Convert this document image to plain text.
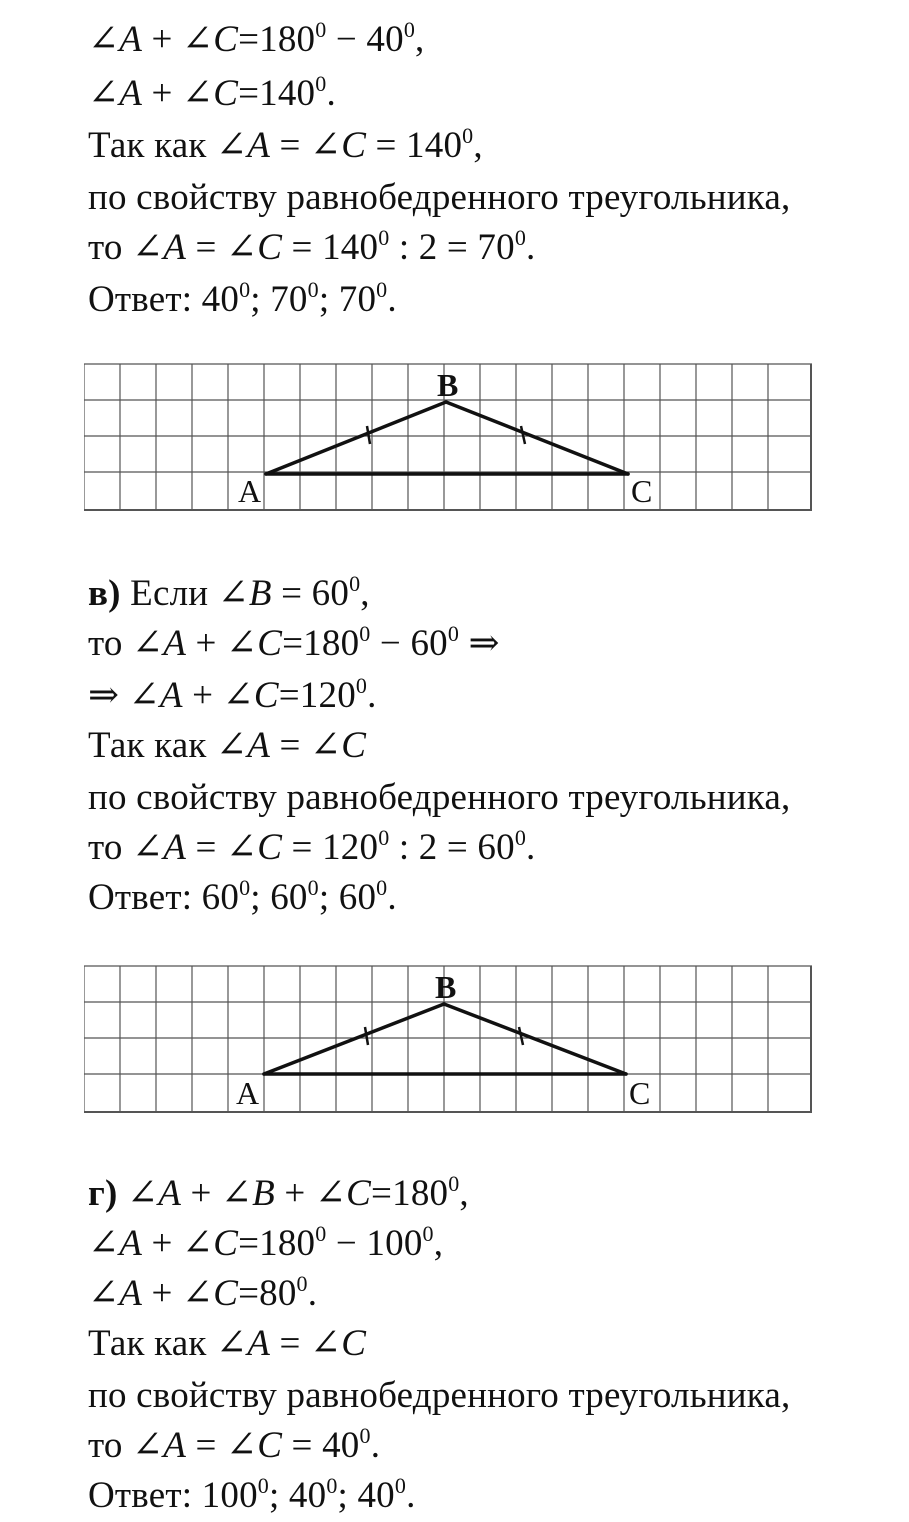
∠A + $\angle C=180^0 - 40^0$,
∠A + $\angle C=140^0$.
Так как ∠A = ∠C = $140^0$,
по свойству равнобедренного треугольника,
то ∠A = ∠C = $140^0$ : $2 = 70^0$.
Ответ: $40^0$; $70^0$; $70^0$.
в) Если ∠B = $60^0$,
то ∠A + $\angle C=180^0 - 60^0$ ⇒
⇒ ∠A + $\angle C=120^0$.
Так как ∠A = ∠C
по свойству равнобедренного треугольника,
то ∠A = ∠C = $120^0$ : $2 = 60^0$.
Ответ: $60^0$; $60^0$; $60^0$.
г) ∠A + ∠B + $\angle C=180^0$,
∠A + $\angle C=180^0 - 100^0$,
∠A + $\angle C=80^0$.
Так как ∠A = ∠C
по свойству равнобедренного треугольника,
то ∠A = ∠C = $40^0$.
Ответ: $100^0$; $40^0$; $40^0$.
A
B
C
A
B
C
